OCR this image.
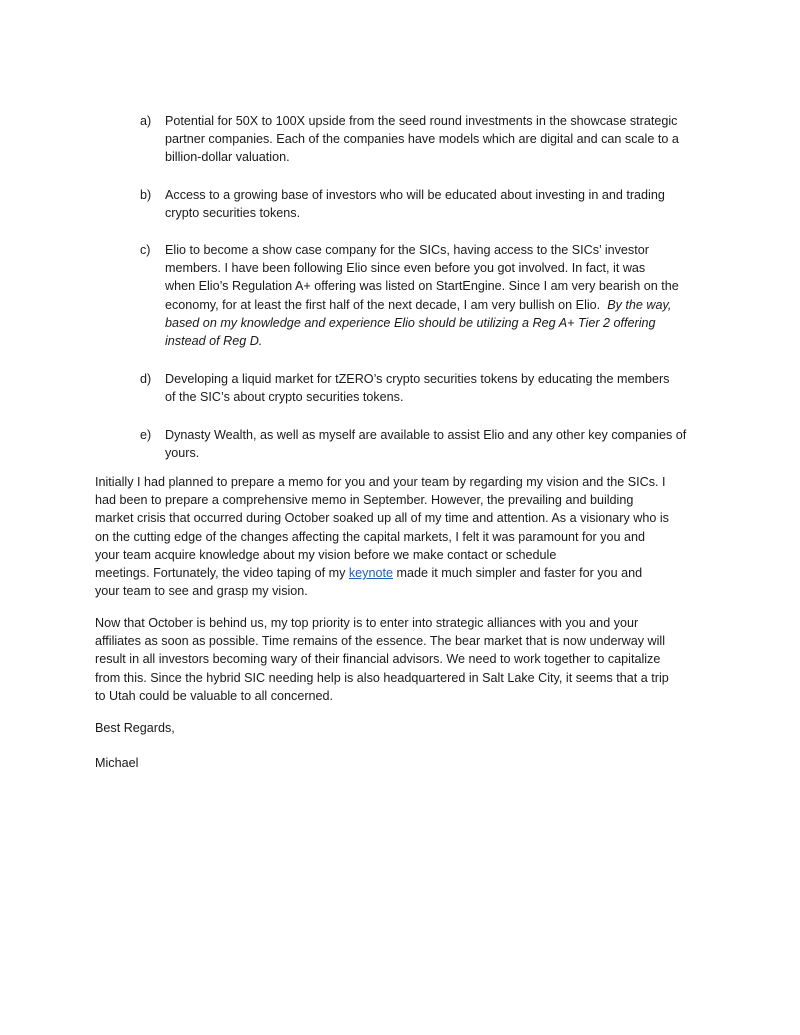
a)	Potential for 50X to 100X upside from the seed round investments in the showcase strategic
partner companies. Each of the companies have models which are digital and can scale to a
billion-dollar valuation.
b)	Access to a growing base of investors who will be educated about investing in and trading
crypto securities tokens.
c)	Elio to become a show case company for the SICs, having access to the SICs’ investor
members. I have been following Elio since even before you got involved. In fact, it was
when Elio’s Regulation A+ offering was listed on StartEngine. Since I am very bearish on the
economy, for at least the first half of the next decade, I am very bullish on Elio. By the way,
based on my knowledge and experience Elio should be utilizing a Reg A+ Tier 2 offering
instead of Reg D.
d)	Developing a liquid market for tZERO’s crypto securities tokens by educating the members
of the SIC’s about crypto securities tokens.
e)	Dynasty Wealth, as well as myself are available to assist Elio and any other key companies of
yours.
Initially I had planned to prepare a memo for you and your team by regarding my vision and the SICs. I
had been to prepare a comprehensive memo in September. However, the prevailing and building
market crisis that occurred during October soaked up all of my time and attention. As a visionary who is
on the cutting edge of the changes affecting the capital markets, I felt it was paramount for you and
your team acquire knowledge about my vision before we make contact or schedule
meetings. Fortunately, the video taping of my keynote made it much simpler and faster for you and
your team to see and grasp my vision.
Now that October is behind us, my top priority is to enter into strategic alliances with you and your
affiliates as soon as possible. Time remains of the essence. The bear market that is now underway will
result in all investors becoming wary of their financial advisors. We need to work together to capitalize
from this. Since the hybrid SIC needing help is also headquartered in Salt Lake City, it seems that a trip
to Utah could be valuable to all concerned.
Best Regards,
Michael
